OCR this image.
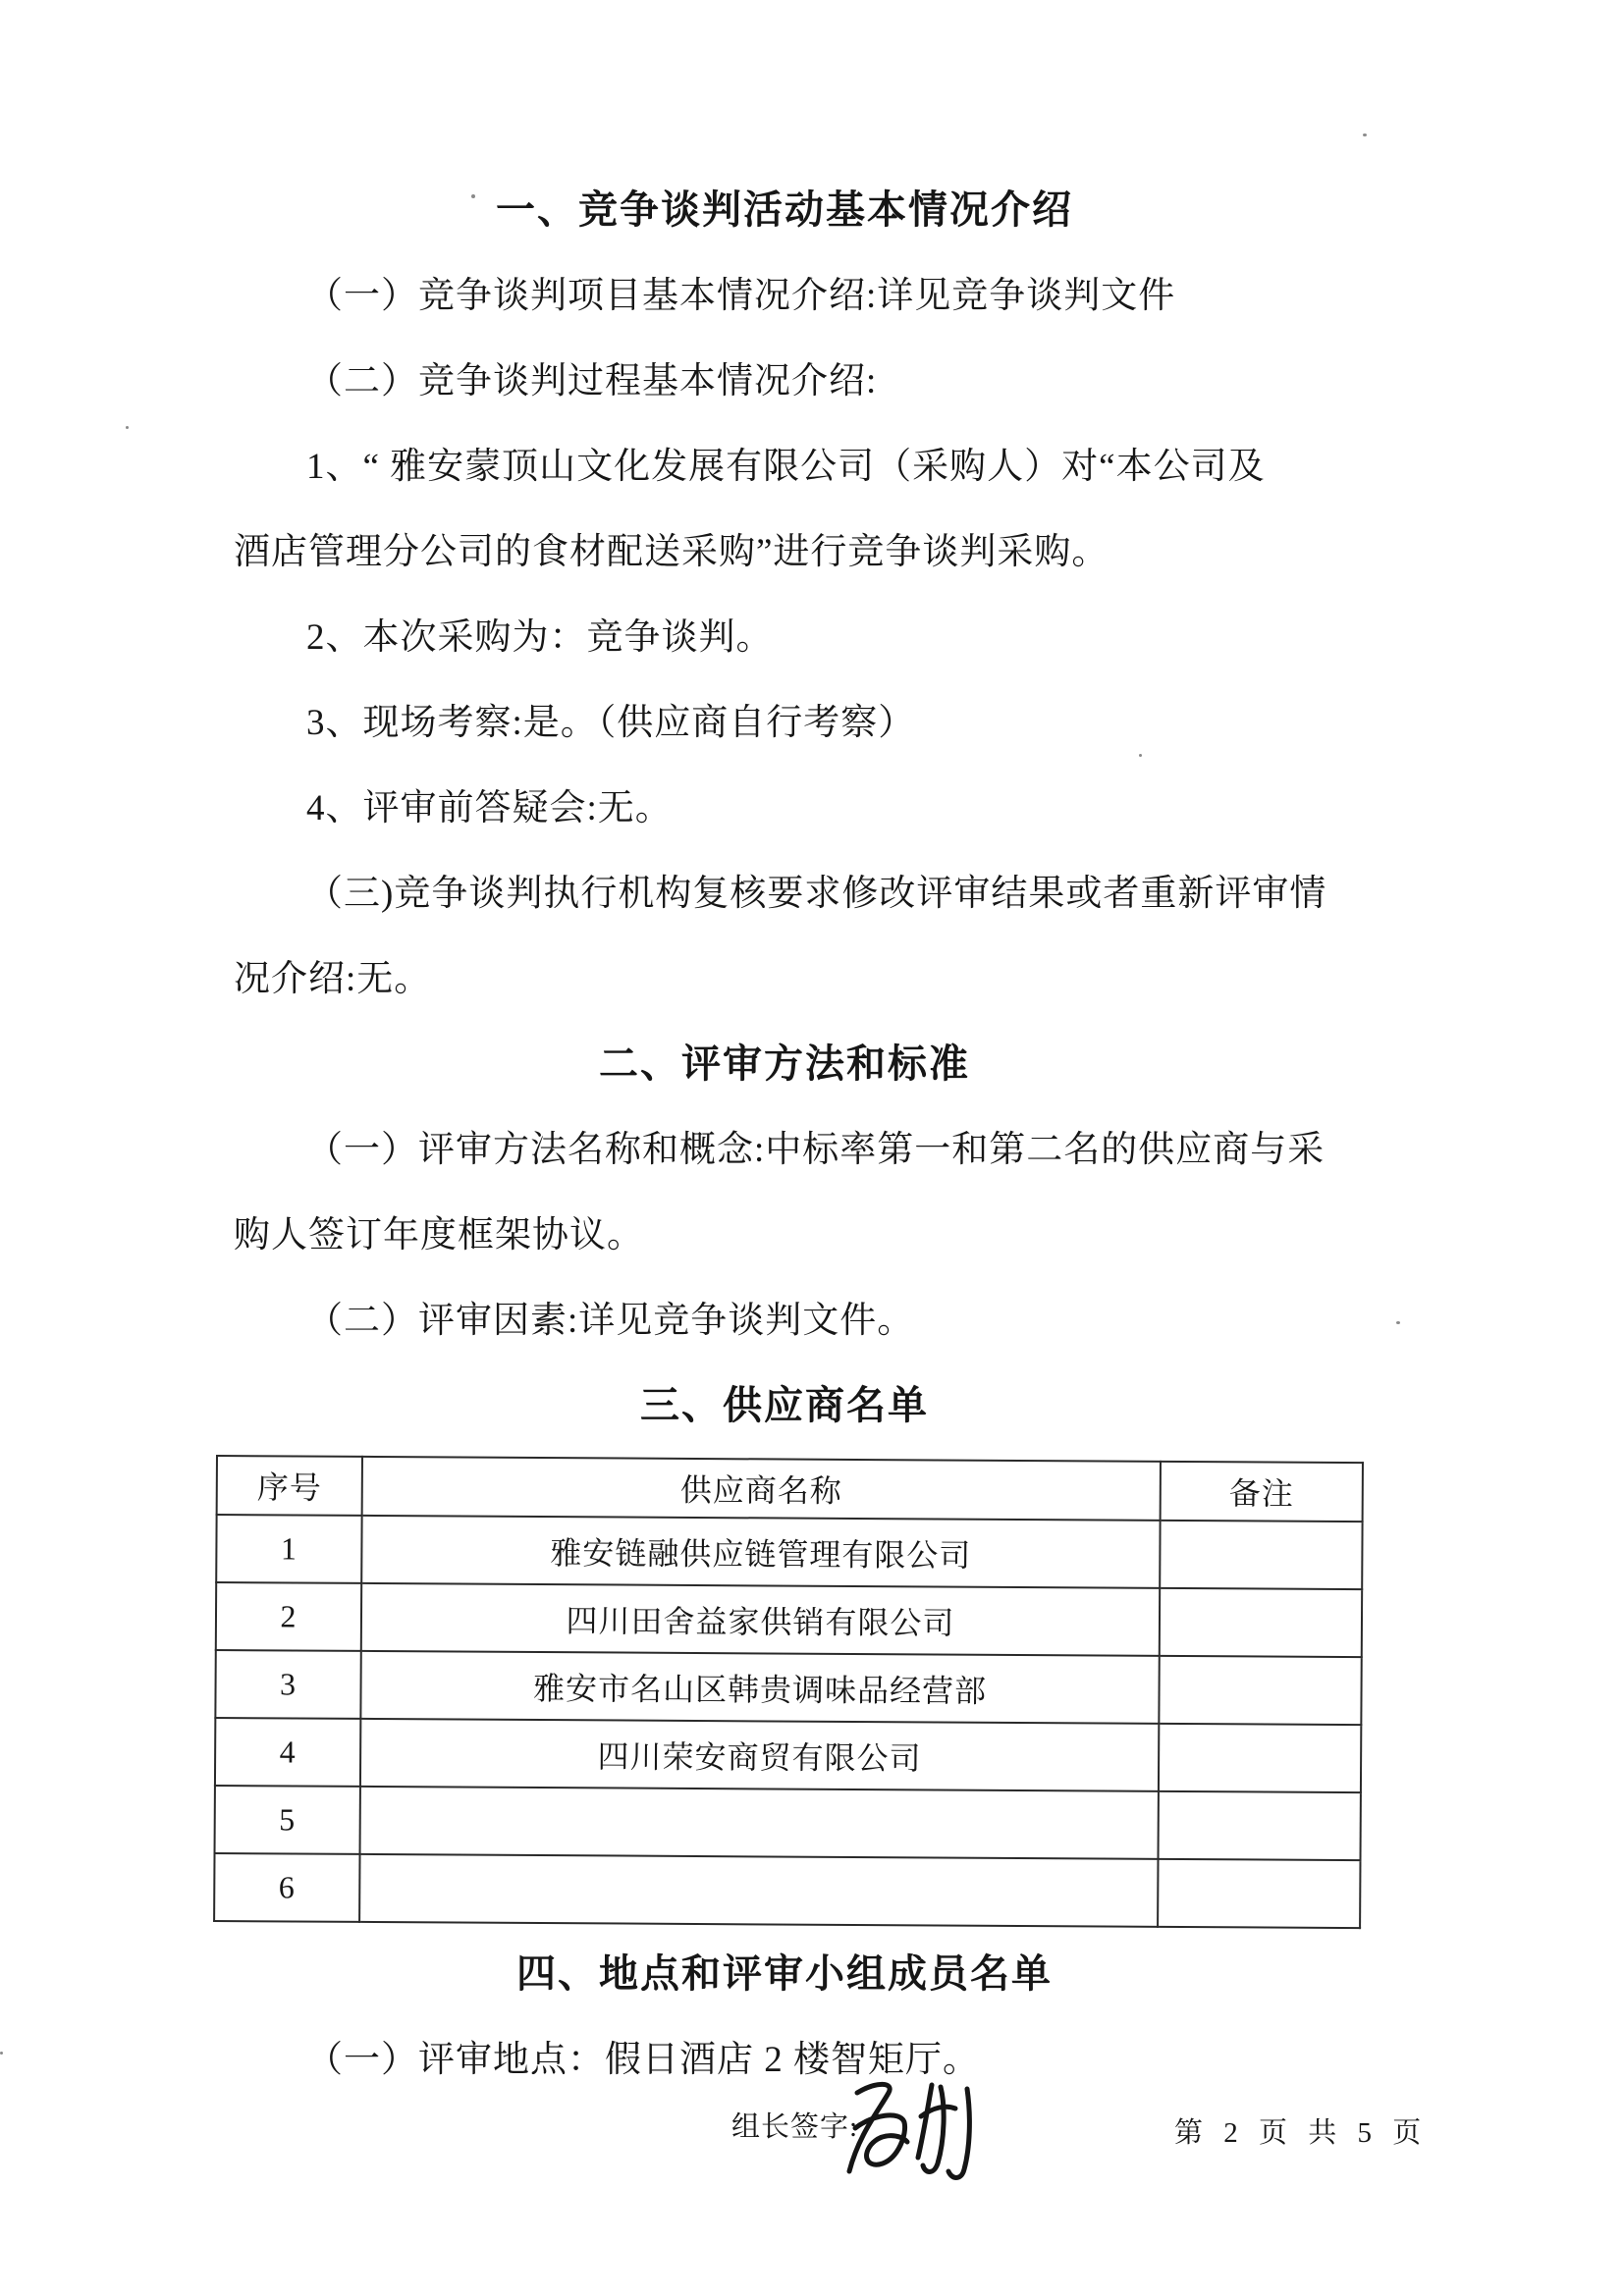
一、竞争谈判活动基本情况介绍
（一）竞争谈判项目基本情况介绍:详见竞争谈判文件
（二）竞争谈判过程基本情况介绍:
1、“ 雅安蒙顶山文化发展有限公司（采购人）对“本公司及
酒店管理分公司的食材配送采购”进行竞争谈判采购。
2、本次采购为：竞争谈判。
3、现场考察:是。（供应商自行考察）
4、评审前答疑会:无。
（三)竞争谈判执行机构复核要求修改评审结果或者重新评审情
况介绍:无。
二、评审方法和标准
（一）评审方法名称和概念:中标率第一和第二名的供应商与采
购人签订年度框架协议。
（二）评审因素:详见竞争谈判文件。
三、供应商名单
序号	供应商名称	备注
1	雅安链融供应链管理有限公司	
2	四川田舍益家供销有限公司	
3	雅安市名山区韩贵调味品经营部	
4	四川荣安商贸有限公司	
5		
6		
四、地点和评审小组成员名单
（一）评审地点：假日酒店 2 楼智矩厅。
组长签字:	第 2 页 共 5 页
